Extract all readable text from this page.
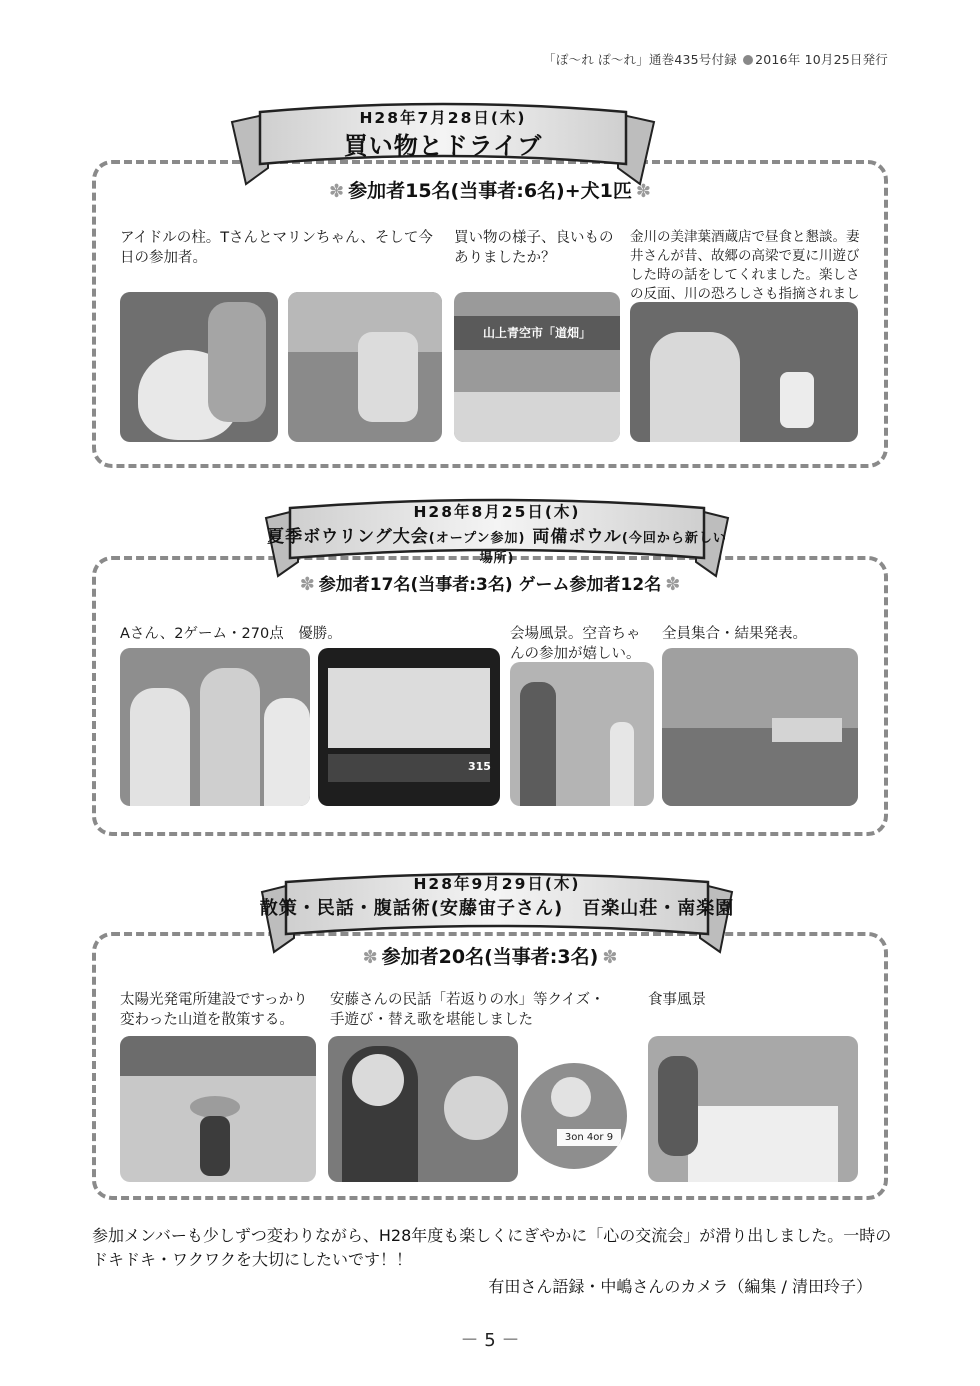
「ぽ〜れ ぽ〜れ」通巻435号付録 2016年 10月25日発行
H28年7月28日(木)
買い物とドライブ
✽ 参加者15名(当事者:6名)+犬1匹 ✽
アイドルの柱。Tさんとマリンちゃん、そして今日の参加者。
買い物の様子、良いものありましたか？
金川の美津葉酒蔵店で昼食と懇談。妻井さんが昔、故郷の高梁で夏に川遊びした時の話をしてくれました。楽しさの反面、川の恐ろしさも指摘されまし
山上青空市「道畑」
H28年8月25日(木)
夏季ボウリング大会(オープン参加) 両備ボウル(今回から新しい場所)
✽ 参加者17名(当事者:3名) ゲーム参加者12名 ✽
Aさん、2ゲーム・270点　優勝。	会場風景。空音ちゃんの参加が嬉しい。
全員集合・結果発表。
315
H28年9月29日(木)
散策・民話・腹話術(安藤宙子さん)　百楽山荘・南楽園
✽ 参加者20名(当事者:3名) ✽
太陽光発電所建設ですっかり変わった山道を散策する。
安藤さんの民話「若返りの水」等クイズ・手遊び・替え歌を堪能しました
食事風景
3on 4or 9
参加メンバーも少しずつ変わりながら、H28年度も楽しくにぎやかに「心の交流会」が滑り出しました。一時のドキドキ・ワクワクを大切にしたいです！！
有田さん語録・中嶋さんのカメラ（編集 / 清田玲子）
－ 5 －
